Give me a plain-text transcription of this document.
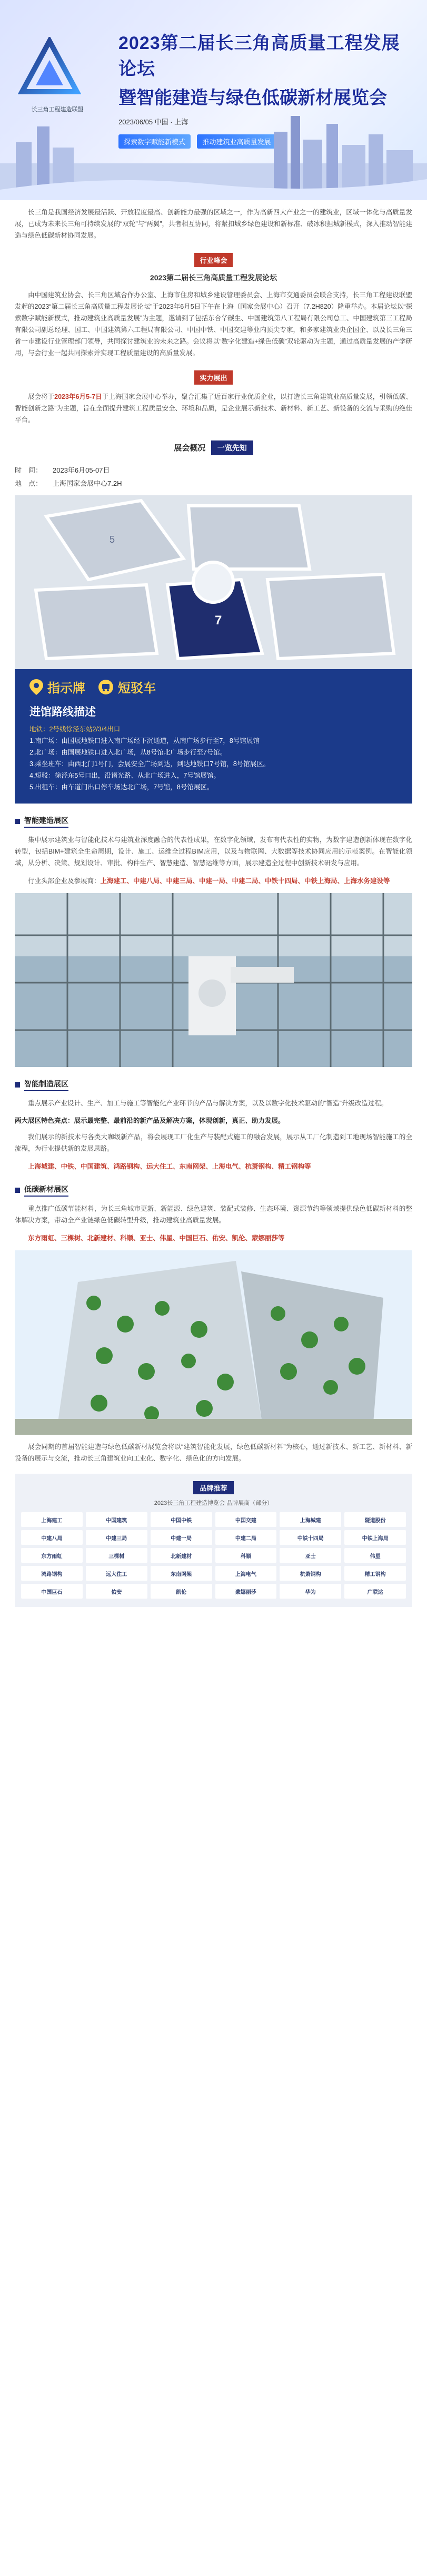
长三角工程建造联盟
2023第二届长三角高质量工程发展论坛
暨智能建造与绿色低碳新材展览会
2023/06/05 中国 · 上海
探索数字赋能新模式 推动建筑业高质量发展

长三角是我国经济发展最活跃、开放程度最高、创新能力最强的区域之一，作为高新四大产业之一的建筑业，区域一体化与高质量发展，已成为未来长三角可持续发展的“双轮”与“两翼”，共者相互协同，将紧扣城乡绿色建设和新标准、破冰积担城新模式，深入推动智能建造与绿色低碳新材协同发展。

行业峰会
2023第二届长三角高质量工程发展论坛

由中国建筑业协会、长三角区域合作办公室、上海市住房和城乡建设管理委员会、上海市交通委员会联合支持，长三角工程建设联盟发起的2023“第二届长三角高质量工程发展论坛”于2023年6月5日下午在上海（国家会展中心）召开（7.2H820）隆重举办。本届论坛以“探索数字赋能新模式，推动建筑业高质量发展”为主题，邀请到了包括东合华碳生、中国建筑第八工程局有限公司总工、中国建筑第三工程局有限公司副总经理、国工、中国建筑第六工程局有限公司、中国中铁、中国交建等业内顶尖专家，和多家建筑业央企国企、以及长三角三省一市建设行业管理部门领导，共同探讨建筑业的未来之路。会议将以“数字化建造+绿色低碳”双轮驱动为主题，通过高质量发展的产学研用，与会行业一起共同探索并实现工程质量建设的高质量发展。

实力展出

展会将于2023年6月5-7日于上海国家会展中心举办，聚合汇集了近百家行业优质企业，以打造长三角建筑业高质量发展，引领低碳、智能创新之路”为主题，旨在全面提升建筑工程质量安全、环境和品质，是企业展示新技术、新材料、新工艺、新设备的交流与采购的绝佳平台。

展会概况 一览先知
时　间：	2023年6月05-07日
地　点：	上海国家会展中心7.2H
7
5
指示牌	短驳车
进馆路线描述
地铁：2号线徐泾东站2/3/4出口
1.南广场：由国展地铁口进入南广场经下沉通道，从南广场步行至7，8号馆展馆
2.北广场：由国展地铁口进入北广场，从8号馆北广场步行至7号馆。
3.乘坐班车：由西北门1号门，会展安全广场到达，到达地铁口7号馆，8号馆展区。
4.短驳：徐泾东5号口出，沿诸光路、从北广场进入，7号馆展馆。
5.出租车：由车道门出口停车场达北广场，7号馆，8号馆展区。
智能建造展区

集中展示建筑业与智能化技术与建筑业深度融合的代表性成果，在数字化领域，发布有代表性的实物，为数字建造创新体现在数字化转型，包括BIM+建筑全生命周期，设计、施工、运维全过程BIM应用，以及与物联网、大数据等技术协同应用的示范案例。在智能化领域，从分析、决策、规划设计、审批、构件生产、智慧建造、智慧运维等方面，展示建造全过程中创新技术研发与应用。

行业头部企业及参展商：上海建工、中建八局、中建三局、中建一局、中建二局、中铁十四局、中铁上海局、上海水务建设等

智能制造展区

重点展示产业设计、生产、加工与施工等智能化产业环节的产品与解决方案，以及以数字化技术驱动的“智造”升级改造过程。

两大展区特色亮点：展示最完整、最前沿的新产品及解决方案，体现创新，真正、助力发展。

我们展示的新技术与各类大咖级新产品，将会展现工厂化生产与装配式施工的融合发展，展示从工厂化制造到工地现场智能施工的全流程，为行业提供新的发展思路。

上海城建、中铁、中国建筑、鸿路钢构、远大住工、东南网架、上海电气、杭萧钢构、精工钢构等

低碳新材展区

重点推广低碳节能材料，为长三角城市更新、新能源、绿色建筑、装配式装修、生态环境、资源节约等领域提供绿色低碳新材料的整体解决方案，带动全产业链绿色低碳转型升级，推动建筑业高质量发展。

东方雨虹、三棵树、北新建材、科顺、亚士、伟星、中国巨石、佑安、凯伦、蒙娜丽莎等

展会同期的首届智能建造与绿色低碳新材展览会将以“建筑智能化发展，绿色低碳新材料”为核心，通过新技术、新工艺、新材料、新设备的展示与交流，推动长三角建筑业向工业化、数字化、绿色化的方向发展。

品牌推荐
2023长三角工程建造博览会 品牌展商（部分）
上海建工	中国建筑	中国中铁	中国交建	上海城建	隧道股份
中建八局	中建三局	中建一局	中建二局	中铁十四局	中铁上海局
东方雨虹	三棵树	北新建材	科顺	亚士	伟星
鸿路钢构	远大住工	东南网架	上海电气	杭萧钢构	精工钢构
中国巨石	佑安	凯伦	蒙娜丽莎	华为	广联达
